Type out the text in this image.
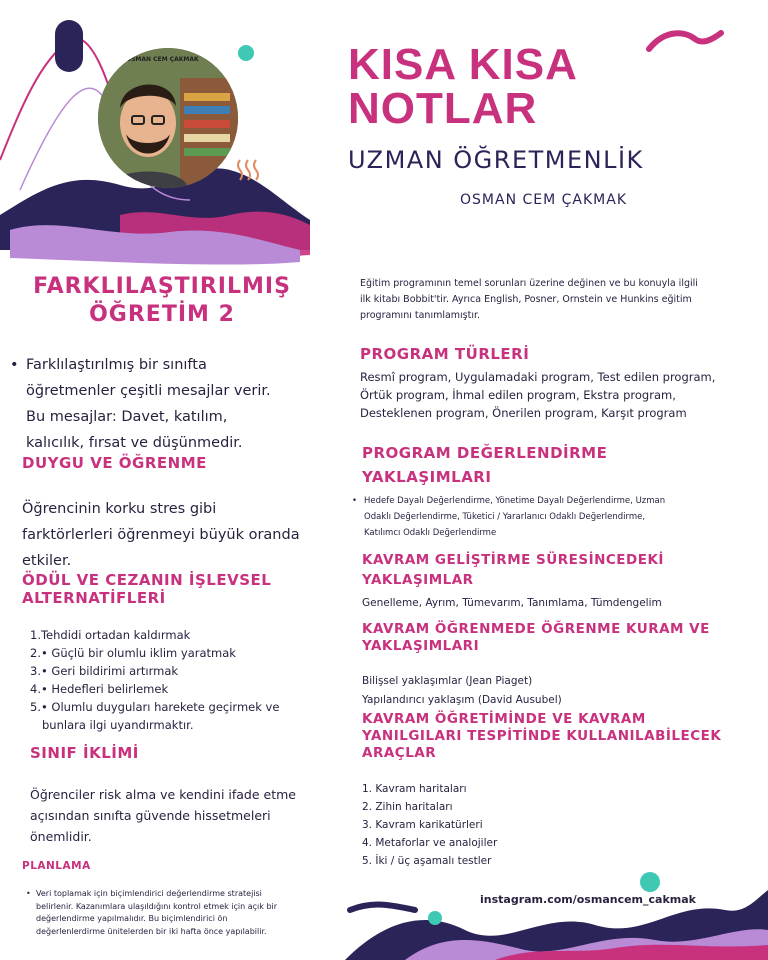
OSMAN CEM ÇAKMAK	KISA KISA
NOTLAR
UZMAN ÖĞRETMENLİK
OSMAN CEM ÇAKMAK
FARKLILAŞTIRILMIŞ
ÖĞRETİM 2
• Farklılaştırılmış bir sınıfta
öğretmenler çeşitli mesajlar verir.
Bu mesajlar: Davet, katılım,
kalıcılık, fırsat ve düşünmedir.
DUYGU VE ÖĞRENME
Öğrencinin korku stres gibi
farktörlerleri öğrenmeyi büyük oranda
etkiler.
ÖDÜL VE CEZANIN İŞLEVSEL
ALTERNATİFLERİ
1.Tehdidi ortadan kaldırmak
2.• Güçlü bir olumlu iklim yaratmak
3.• Geri bildirimi artırmak
4.• Hedefleri belirlemek
5.• Olumlu duyguları harekete geçirmek ve
bunlara ilgi uyandırmaktır.
SINIF İKLİMİ
Öğrenciler risk alma ve kendini ifade etme
açısından sınıfta güvende hissetmeleri
önemlidir.
PLANLAMA
• Veri toplamak için biçimlendirici değerlendirme stratejisi
belirlenir. Kazanımlara ulaşıldığını kontrol etmek için açık bir
değerlendirme yapılmalıdır. Bu biçimlendirici ön
değerlenlerdirme ünitelerden bir iki hafta önce yapılabilir.
Eğitim programının temel sorunları üzerine değinen ve bu konuyla ilgili
ilk kitabı Bobbit'tir. Ayrıca English, Posner, Ornstein ve Hunkins eğitim
programını tanımlamıştır.
PROGRAM TÜRLERİ
Resmî program, Uygulamadaki program, Test edilen program,
Örtük program, İhmal edilen program, Ekstra program,
Desteklenen program, Önerilen program, Karşıt program
PROGRAM DEĞERLENDİRME
YAKLAŞIMLARI
• Hedefe Dayalı Değerlendirme, Yönetime Dayalı Değerlendirme, Uzman
Odaklı Değerlendirme, Tüketici / Yararlanıcı Odaklı Değerlendirme,
Katılımcı Odaklı Değerlendirme
KAVRAM GELİŞTİRME SÜRESİNCEDEKİ
YAKLAŞIMLAR
Genelleme, Ayrım, Tümevarım, Tanımlama, Tümdengelim
KAVRAM ÖĞRENMEDE ÖĞRENME KURAM VE
YAKLAŞIMLARI
Bilişsel yaklaşımlar (Jean Piaget)
Yapılandırıcı yaklaşım (David Ausubel)
KAVRAM ÖĞRETİMİNDE VE KAVRAM
YANILGILARI TESPİTİNDE KULLANILABİLECEK
ARAÇLAR
1. Kavram haritaları
2. Zihin haritaları
3. Kavram karikatürleri
4. Metaforlar ve analojiler
5. İki / üç aşamalı testler
instagram.com/osmancem_cakmak
